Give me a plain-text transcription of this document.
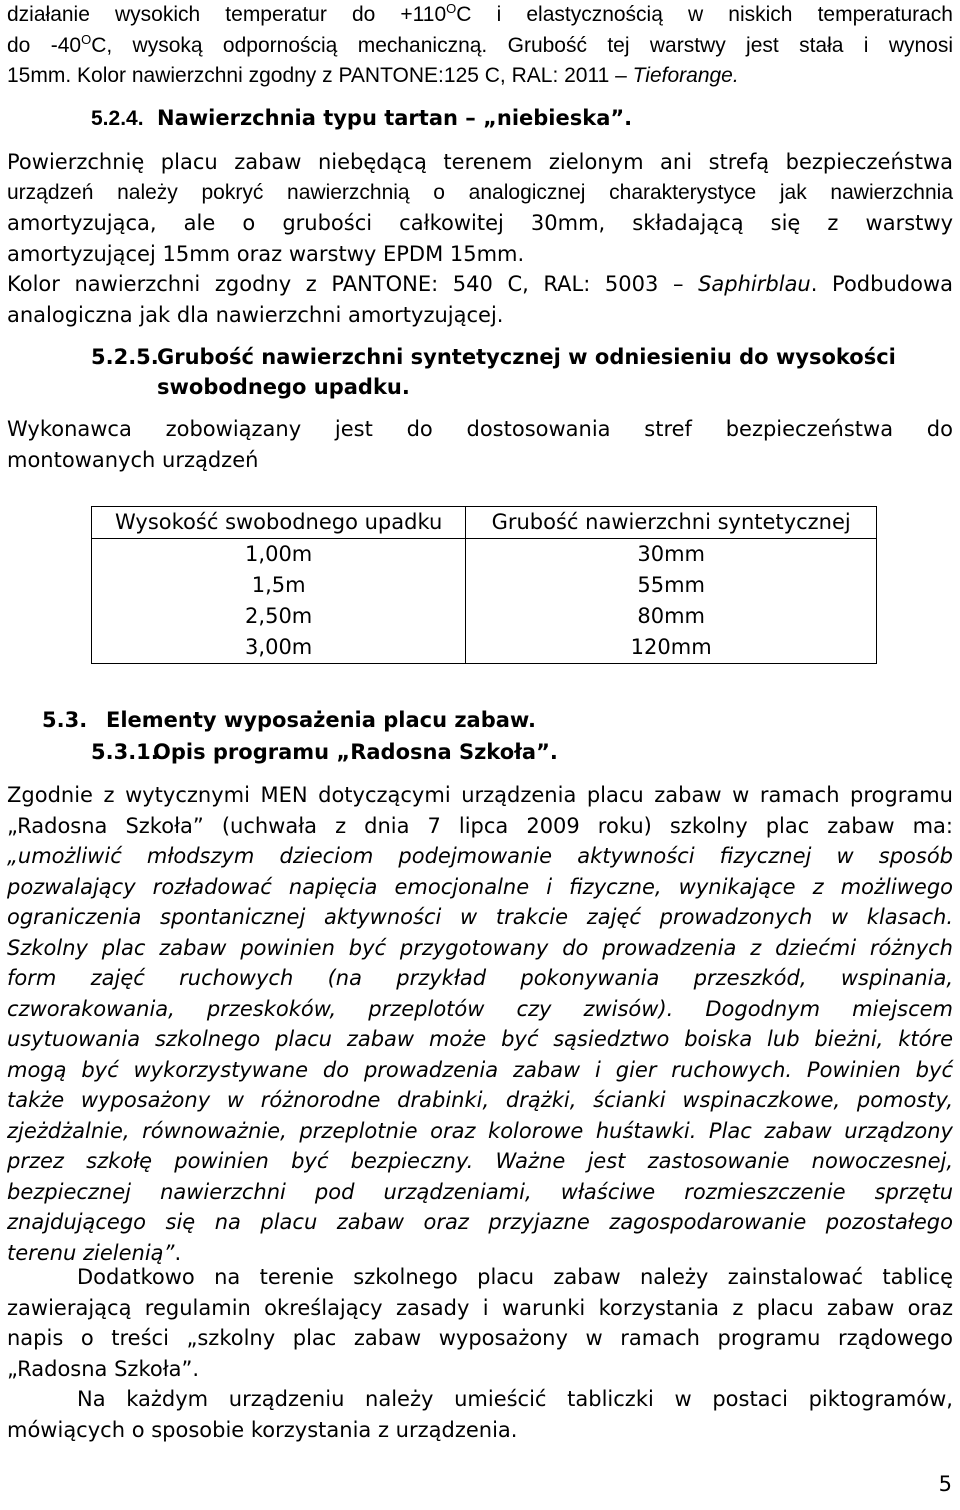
działanie wysokich temperatur do $+110^OC$ i elastycznością w niskich temperaturach
do $-40^OC$, wysoką odpornością mechaniczną. Grubość tej warstwy jest stała i wynosi
15mm. Kolor nawierzchni zgodny z PANTONE:125 C, RAL: 2011 – Tieforange.
5.2.4. Nawierzchnia typu tartan – „niebieska”.
Powierzchnię placu zabaw niebędącą terenem zielonym ani strefą bezpieczeństwa
urządzeń należy pokryć nawierzchnią o analogicznej charakterystyce jak nawierzchnia
amortyzująca, ale o grubości całkowitej 30mm, składającą się z warstwy
amortyzującej 15mm oraz warstwy EPDM 15mm.
Kolor nawierzchni zgodny z PANTONE: 540 C, RAL: 5003 – Saphirblau. Podbudowa
analogiczna jak dla nawierzchni amortyzującej.
5.2.5.Grubość nawierzchni syntetycznej w odniesieniu do wysokości
swobodnego upadku.
Wykonawca zobowiązany jest do dostosowania stref bezpieczeństwa do
montowanych urządzeń
Wysokość swobodnego upadku	Grubość nawierzchni syntetycznej
1,00m	30mm
1,5m	55mm
2,50m	80mm
3,00m	120mm
5.3. Elementy wyposażenia placu zabaw.
5.3.1.Opis programu „Radosna Szkoła”.
Zgodnie z wytycznymi MEN dotyczącymi urządzenia placu zabaw w ramach programu
„Radosna Szkoła” (uchwała z dnia 7 lipca 2009 roku) szkolny plac zabaw ma:
„umożliwić młodszym dzieciom podejmowanie aktywności fizycznej w sposób
pozwalający rozładować napięcia emocjonalne i fizyczne, wynikające z możliwego
ograniczenia spontanicznej aktywności w trakcie zajęć prowadzonych w klasach.
Szkolny plac zabaw powinien być przygotowany do prowadzenia z dziećmi różnych
form zajęć ruchowych (na przykład pokonywania przeszkód, wspinania,
czworakowania, przeskoków, przeplotów czy zwisów). Dogodnym miejscem
usytuowania szkolnego placu zabaw może być sąsiedztwo boiska lub bieżni, które
mogą być wykorzystywane do prowadzenia zabaw i gier ruchowych. Powinien być
także wyposażony w różnorodne drabinki, drążki, ścianki wspinaczkowe, pomosty,
zjeżdżalnie, równoważnie, przeplotnie oraz kolorowe huśtawki. Plac zabaw urządzony
przez szkołę powinien być bezpieczny. Ważne jest zastosowanie nowoczesnej,
bezpiecznej nawierzchni pod urządzeniami, właściwe rozmieszczenie sprzętu
znajdującego się na placu zabaw oraz przyjazne zagospodarowanie pozostałego
terenu zielenią”.
Dodatkowo na terenie szkolnego placu zabaw należy zainstalować tablicę
zawierającą regulamin określający zasady i warunki korzystania z placu zabaw oraz
napis o treści „szkolny plac zabaw wyposażony w ramach programu rządowego
„Radosna Szkoła”.
Na każdym urządzeniu należy umieścić tabliczki w postaci piktogramów,
mówiących o sposobie korzystania z urządzenia.
5
